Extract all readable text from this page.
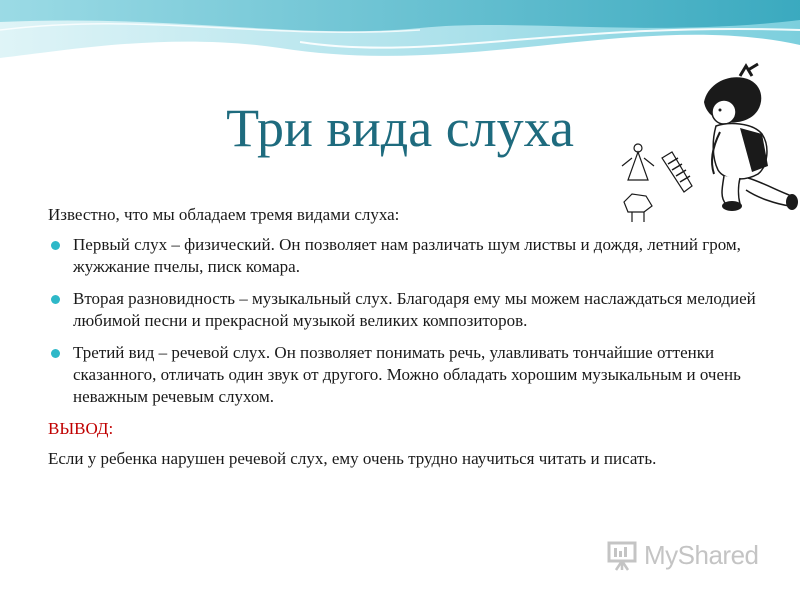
Три вида слуха

Известно, что мы обладаем тремя видами слуха:

Первый слух – физический. Он позволяет нам различать шум листвы и дождя, летний гром, жужжание пчелы, писк комара.
Вторая разновидность – музыкальный слух. Благодаря ему мы можем наслаждаться мелодией любимой песни и прекрасной музыкой великих композиторов.
Третий вид – речевой слух. Он позволяет понимать речь, улавливать тончайшие оттенки сказанного, отличать один звук от другого. Можно обладать хорошим музыкальным и очень неважным речевым слухом.

ВЫВОД:

Если у ребенка нарушен речевой слух, ему очень трудно научиться читать и писать.

MyShared
